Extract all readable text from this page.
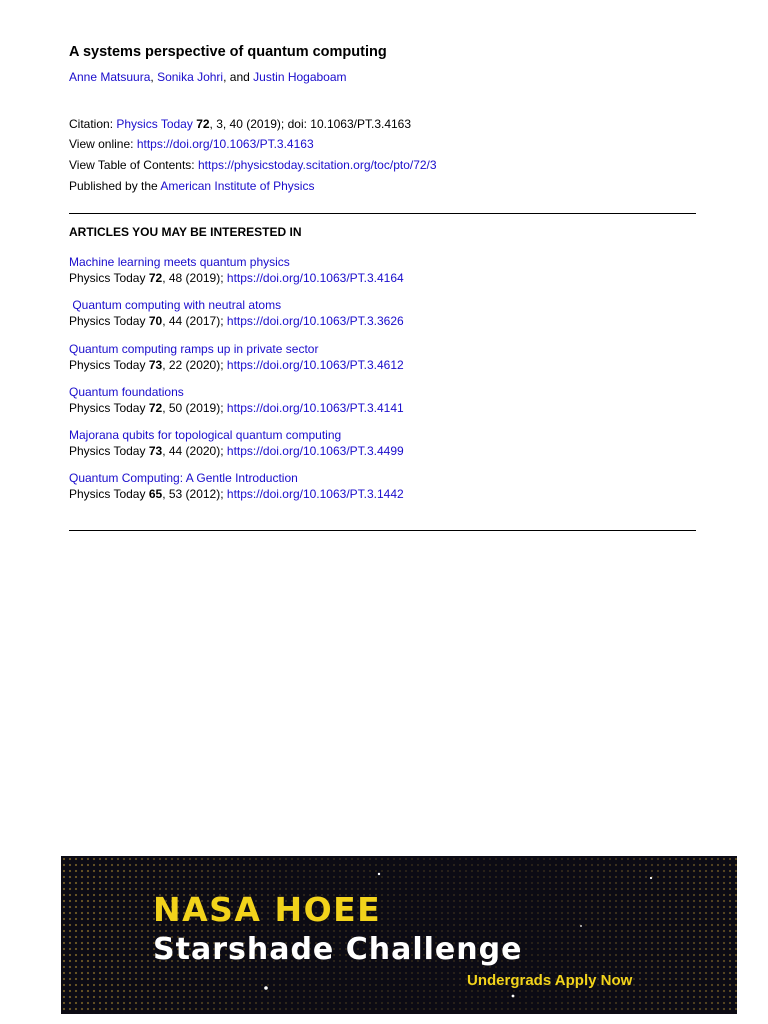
A systems perspective of quantum computing
Anne Matsuura, Sonika Johri, and Justin Hogaboam
Citation: Physics Today 72, 3, 40 (2019); doi: 10.1063/PT.3.4163
View online: https://doi.org/10.1063/PT.3.4163
View Table of Contents: https://physicstoday.scitation.org/toc/pto/72/3
Published by the American Institute of Physics
ARTICLES YOU MAY BE INTERESTED IN
Machine learning meets quantum physics
Physics Today 72, 48 (2019); https://doi.org/10.1063/PT.3.4164
Quantum computing with neutral atoms
Physics Today 70, 44 (2017); https://doi.org/10.1063/PT.3.3626
Quantum computing ramps up in private sector
Physics Today 73, 22 (2020); https://doi.org/10.1063/PT.3.4612
Quantum foundations
Physics Today 72, 50 (2019); https://doi.org/10.1063/PT.3.4141
Majorana qubits for topological quantum computing
Physics Today 73, 44 (2020); https://doi.org/10.1063/PT.3.4499
Quantum Computing: A Gentle Introduction
Physics Today 65, 53 (2012); https://doi.org/10.1063/PT.3.1442
NASA HOEE
Starshade Challenge
Undergrads Apply Now
